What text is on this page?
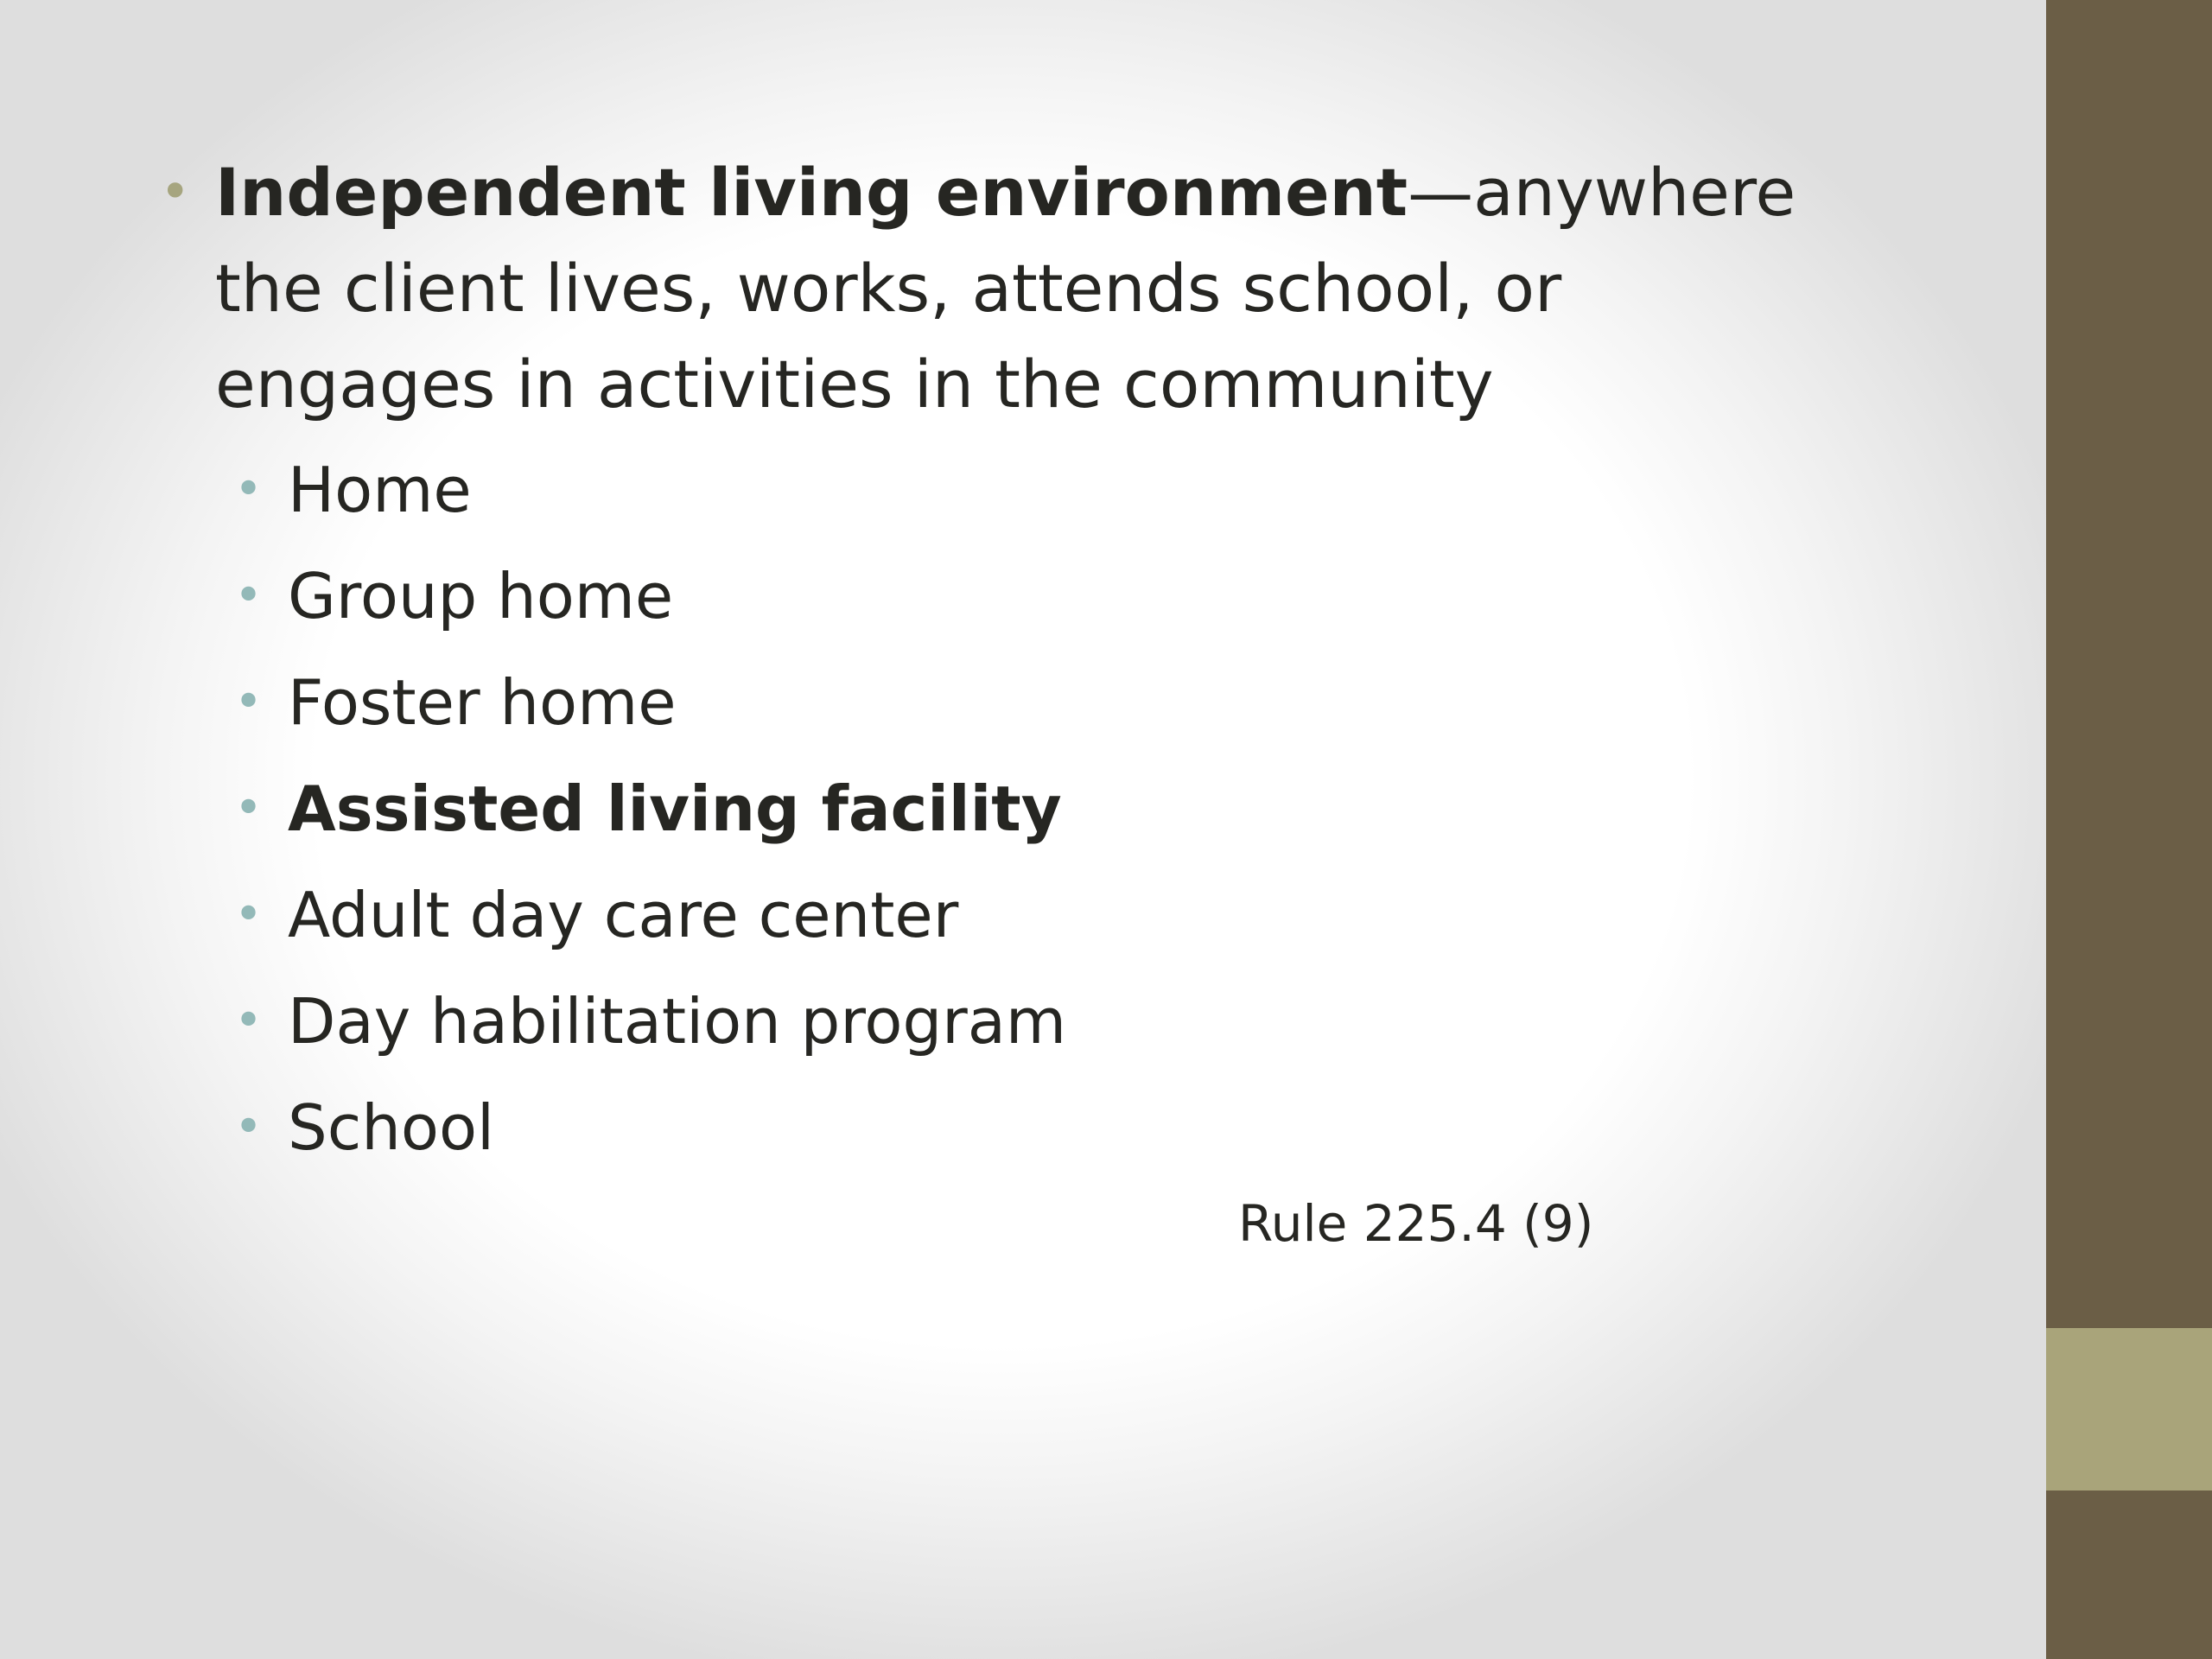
• Independent living environment—anywhere the client lives, works, attends school, or engages in activities in the community
• Home
• Group home
• Foster home
• Assisted living facility
• Adult day care center
• Day habilitation program
• School
Rule 225.4 (9)
